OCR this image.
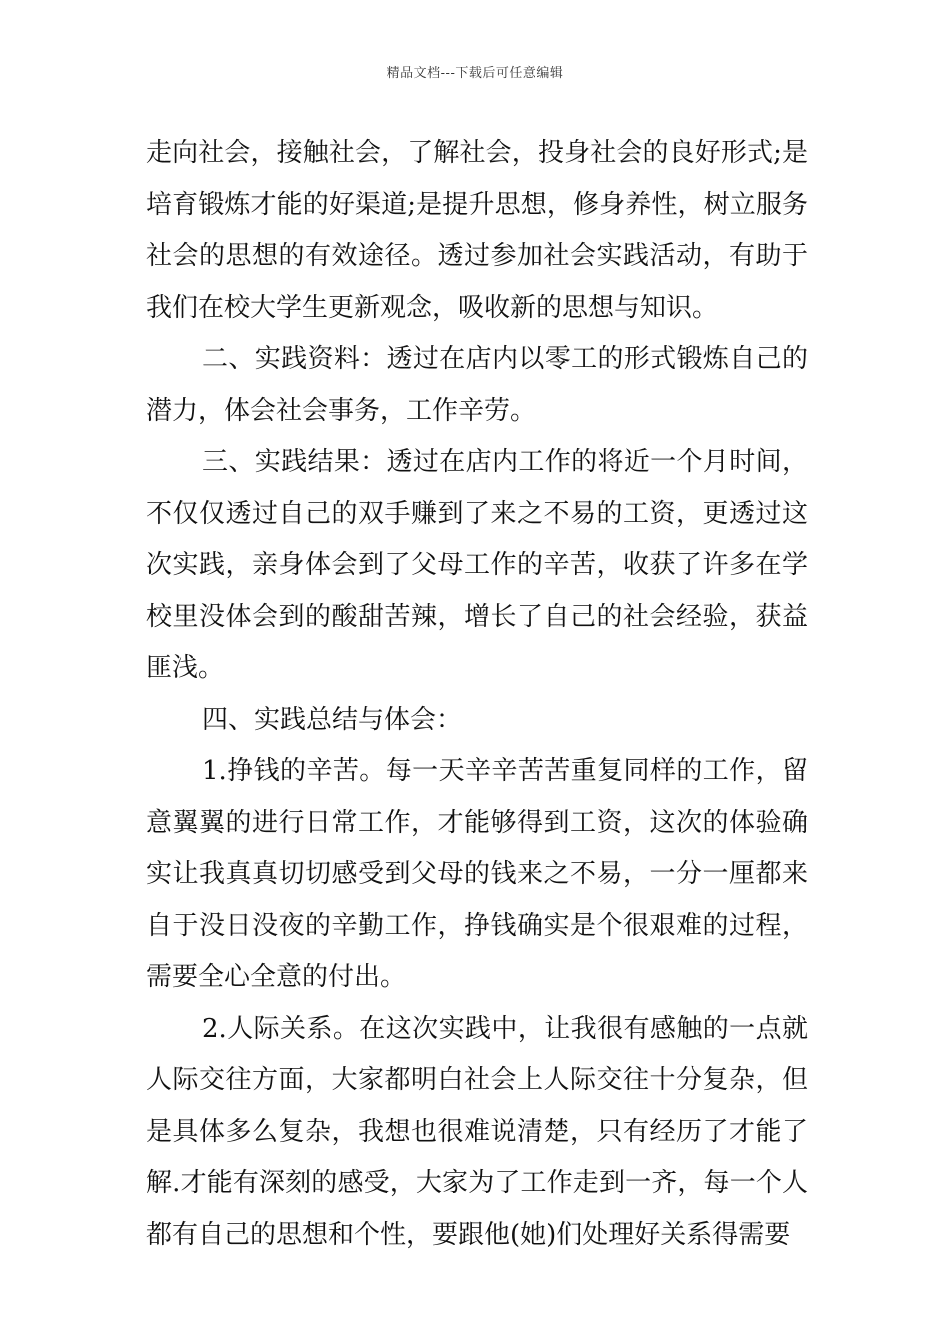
精品文档---下载后可任意编辑

走向社会，接触社会，了解社会，投身社会的良好形式;是培育锻炼才能的好渠道;是提升思想，修身养性，树立服务社会的思想的有效途径。透过参加社会实践活动，有助于我们在校大学生更新观念，吸收新的思想与知识。

二、实践资料：透过在店内以零工的形式锻炼自己的潜力，体会社会事务，工作辛劳。

三、实践结果：透过在店内工作的将近一个月时间，不仅仅透过自己的双手赚到了来之不易的工资，更透过这次实践，亲身体会到了父母工作的辛苦，收获了许多在学校里没体会到的酸甜苦辣，增长了自己的社会经验，获益匪浅。

四、实践总结与体会：

1.挣钱的辛苦。每一天辛辛苦苦重复同样的工作，留意翼翼的进行日常工作，才能够得到工资，这次的体验确实让我真真切切感受到父母的钱来之不易，一分一厘都来自于没日没夜的辛勤工作，挣钱确实是个很艰难的过程，需要全心全意的付出。

2.人际关系。在这次实践中，让我很有感触的一点就人际交往方面，大家都明白社会上人际交往十分复杂，但是具体多么复杂，我想也很难说清楚，只有经历了才能了解.才能有深刻的感受，大家为了工作走到一齐，每一个人都有自己的思想和个性，要跟他(她)们处理好关系得需要
